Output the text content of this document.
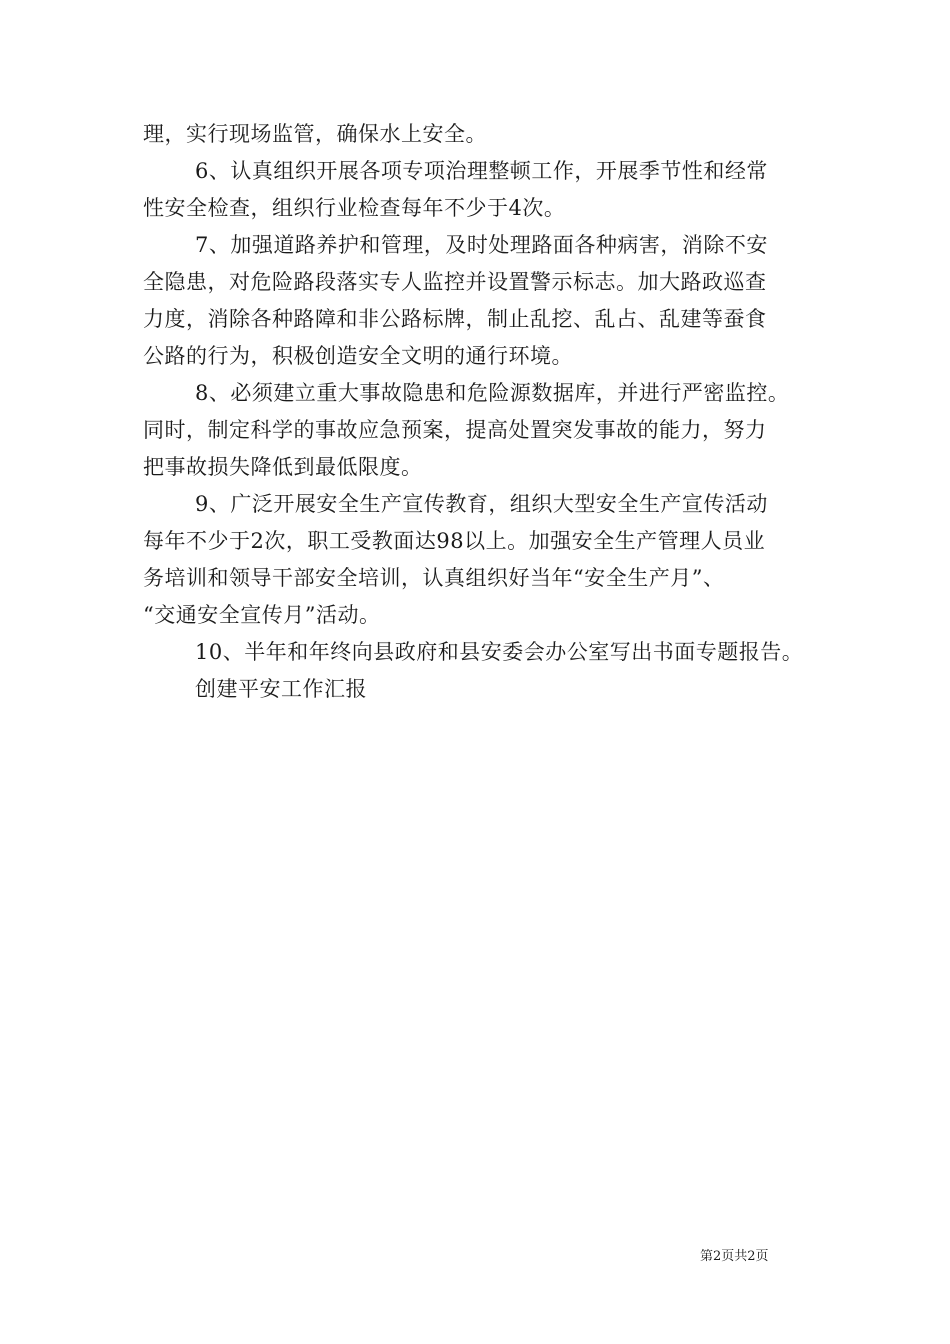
理，实行现场监管，确保水上安全。
6、认真组织开展各项专项治理整顿工作，开展季节性和经常
性安全检查，组织行业检查每年不少于4次。
7、加强道路养护和管理，及时处理路面各种病害，消除不安
全隐患，对危险路段落实专人监控并设置警示标志。加大路政巡查
力度，消除各种路障和非公路标牌，制止乱挖、乱占、乱建等蚕食
公路的行为，积极创造安全文明的通行环境。
8、必须建立重大事故隐患和危险源数据库，并进行严密监控。
同时，制定科学的事故应急预案，提高处置突发事故的能力，努力
把事故损失降低到最低限度。
9、广泛开展安全生产宣传教育，组织大型安全生产宣传活动
每年不少于2次，职工受教面达98以上。加强安全生产管理人员业
务培训和领导干部安全培训，认真组织好当年“安全生产月”、
“交通安全宣传月”活动。
10、半年和年终向县政府和县安委会办公室写出书面专题报告。
创建平安工作汇报
第2页共2页
